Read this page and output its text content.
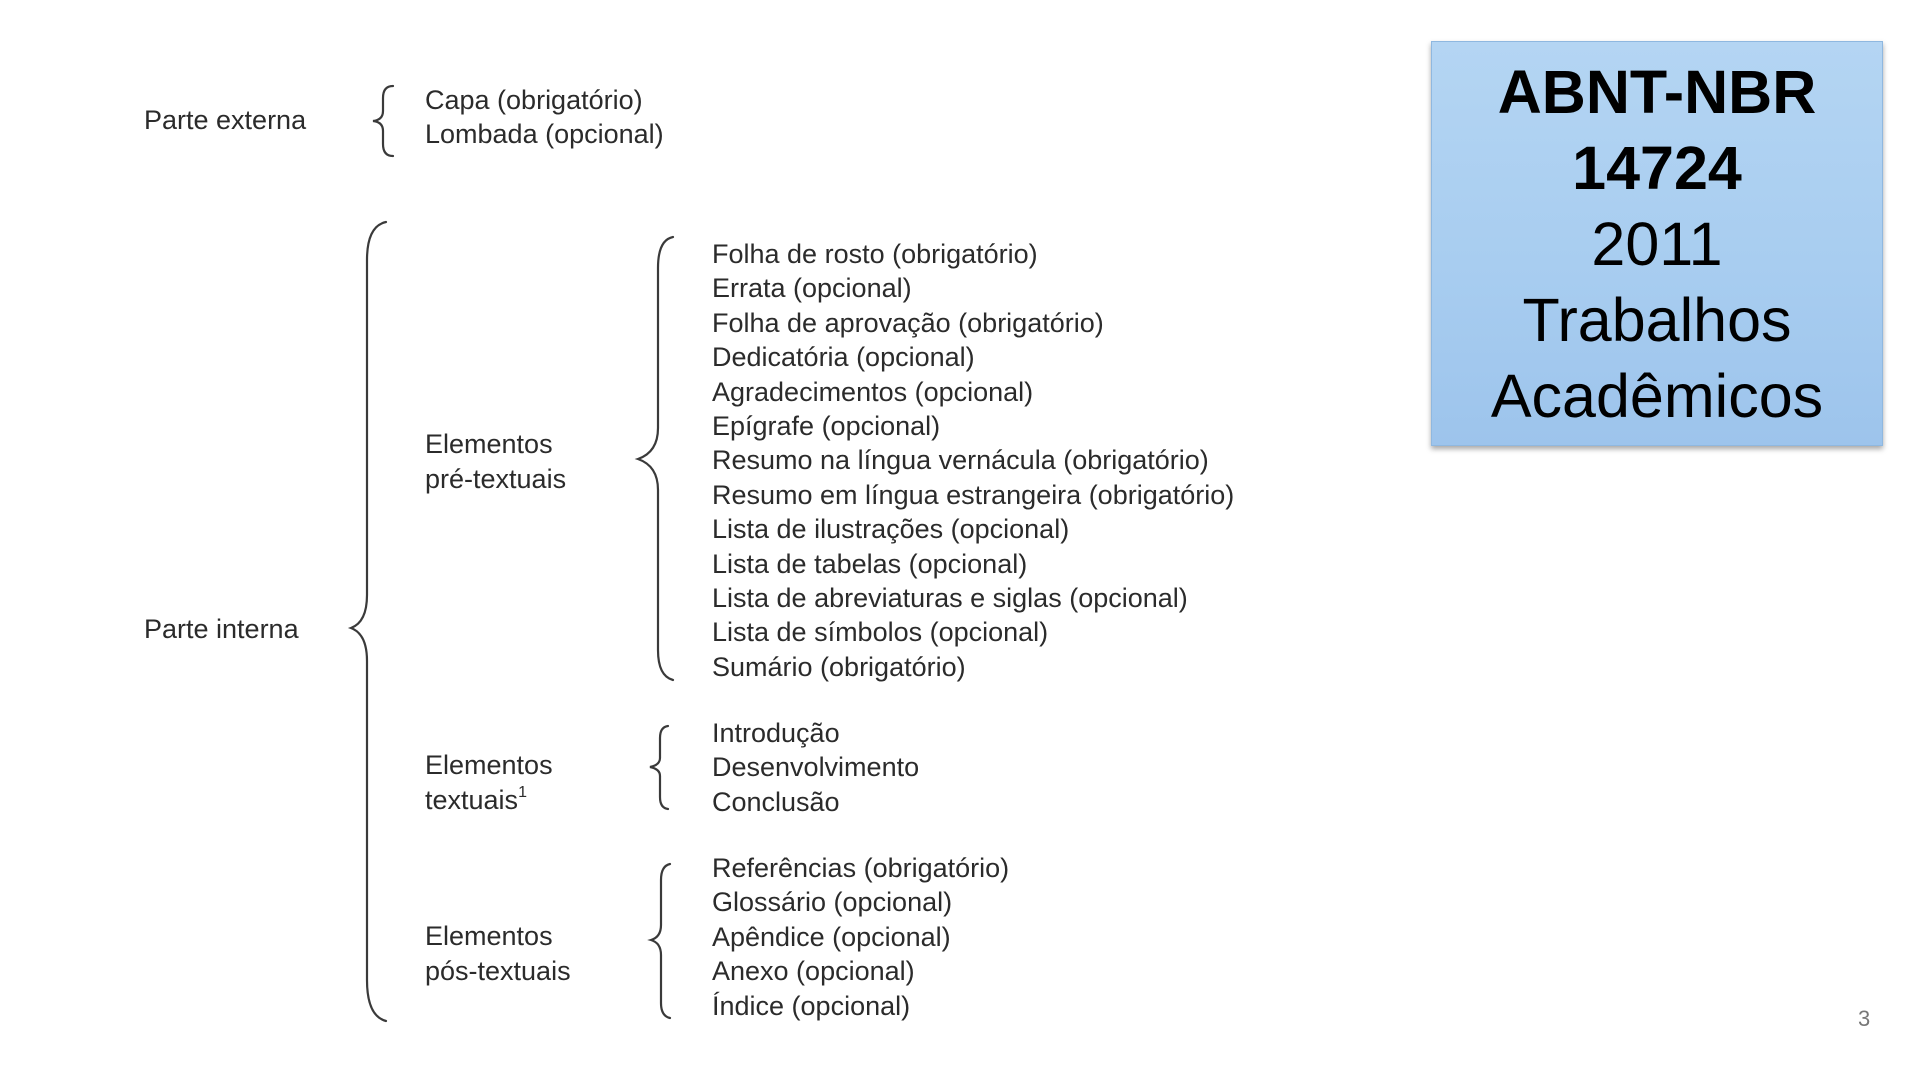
ABNT-NBR
14724
2011
Trabalhos
Acadêmicos
Parte externa
Capa (obrigatório)
Lombada (opcional)
Parte interna
Elementos
pré-textuais
Folha de rosto (obrigatório)
Errata (opcional)
Folha de aprovação (obrigatório)
Dedicatória (opcional)
Agradecimentos (opcional)
Epígrafe (opcional)
Resumo na língua vernácula (obrigatório)
Resumo em língua estrangeira (obrigatório)
Lista de ilustrações (opcional)
Lista de tabelas (opcional)
Lista de abreviaturas e siglas (opcional)
Lista de símbolos (opcional)
Sumário (obrigatório)
Elementos
textuais$^1$
Introdução
Desenvolvimento
Conclusão
Elementos
pós-textuais
Referências (obrigatório)
Glossário (opcional)
Apêndice (opcional)
Anexo (opcional)
Índice (opcional)	3
